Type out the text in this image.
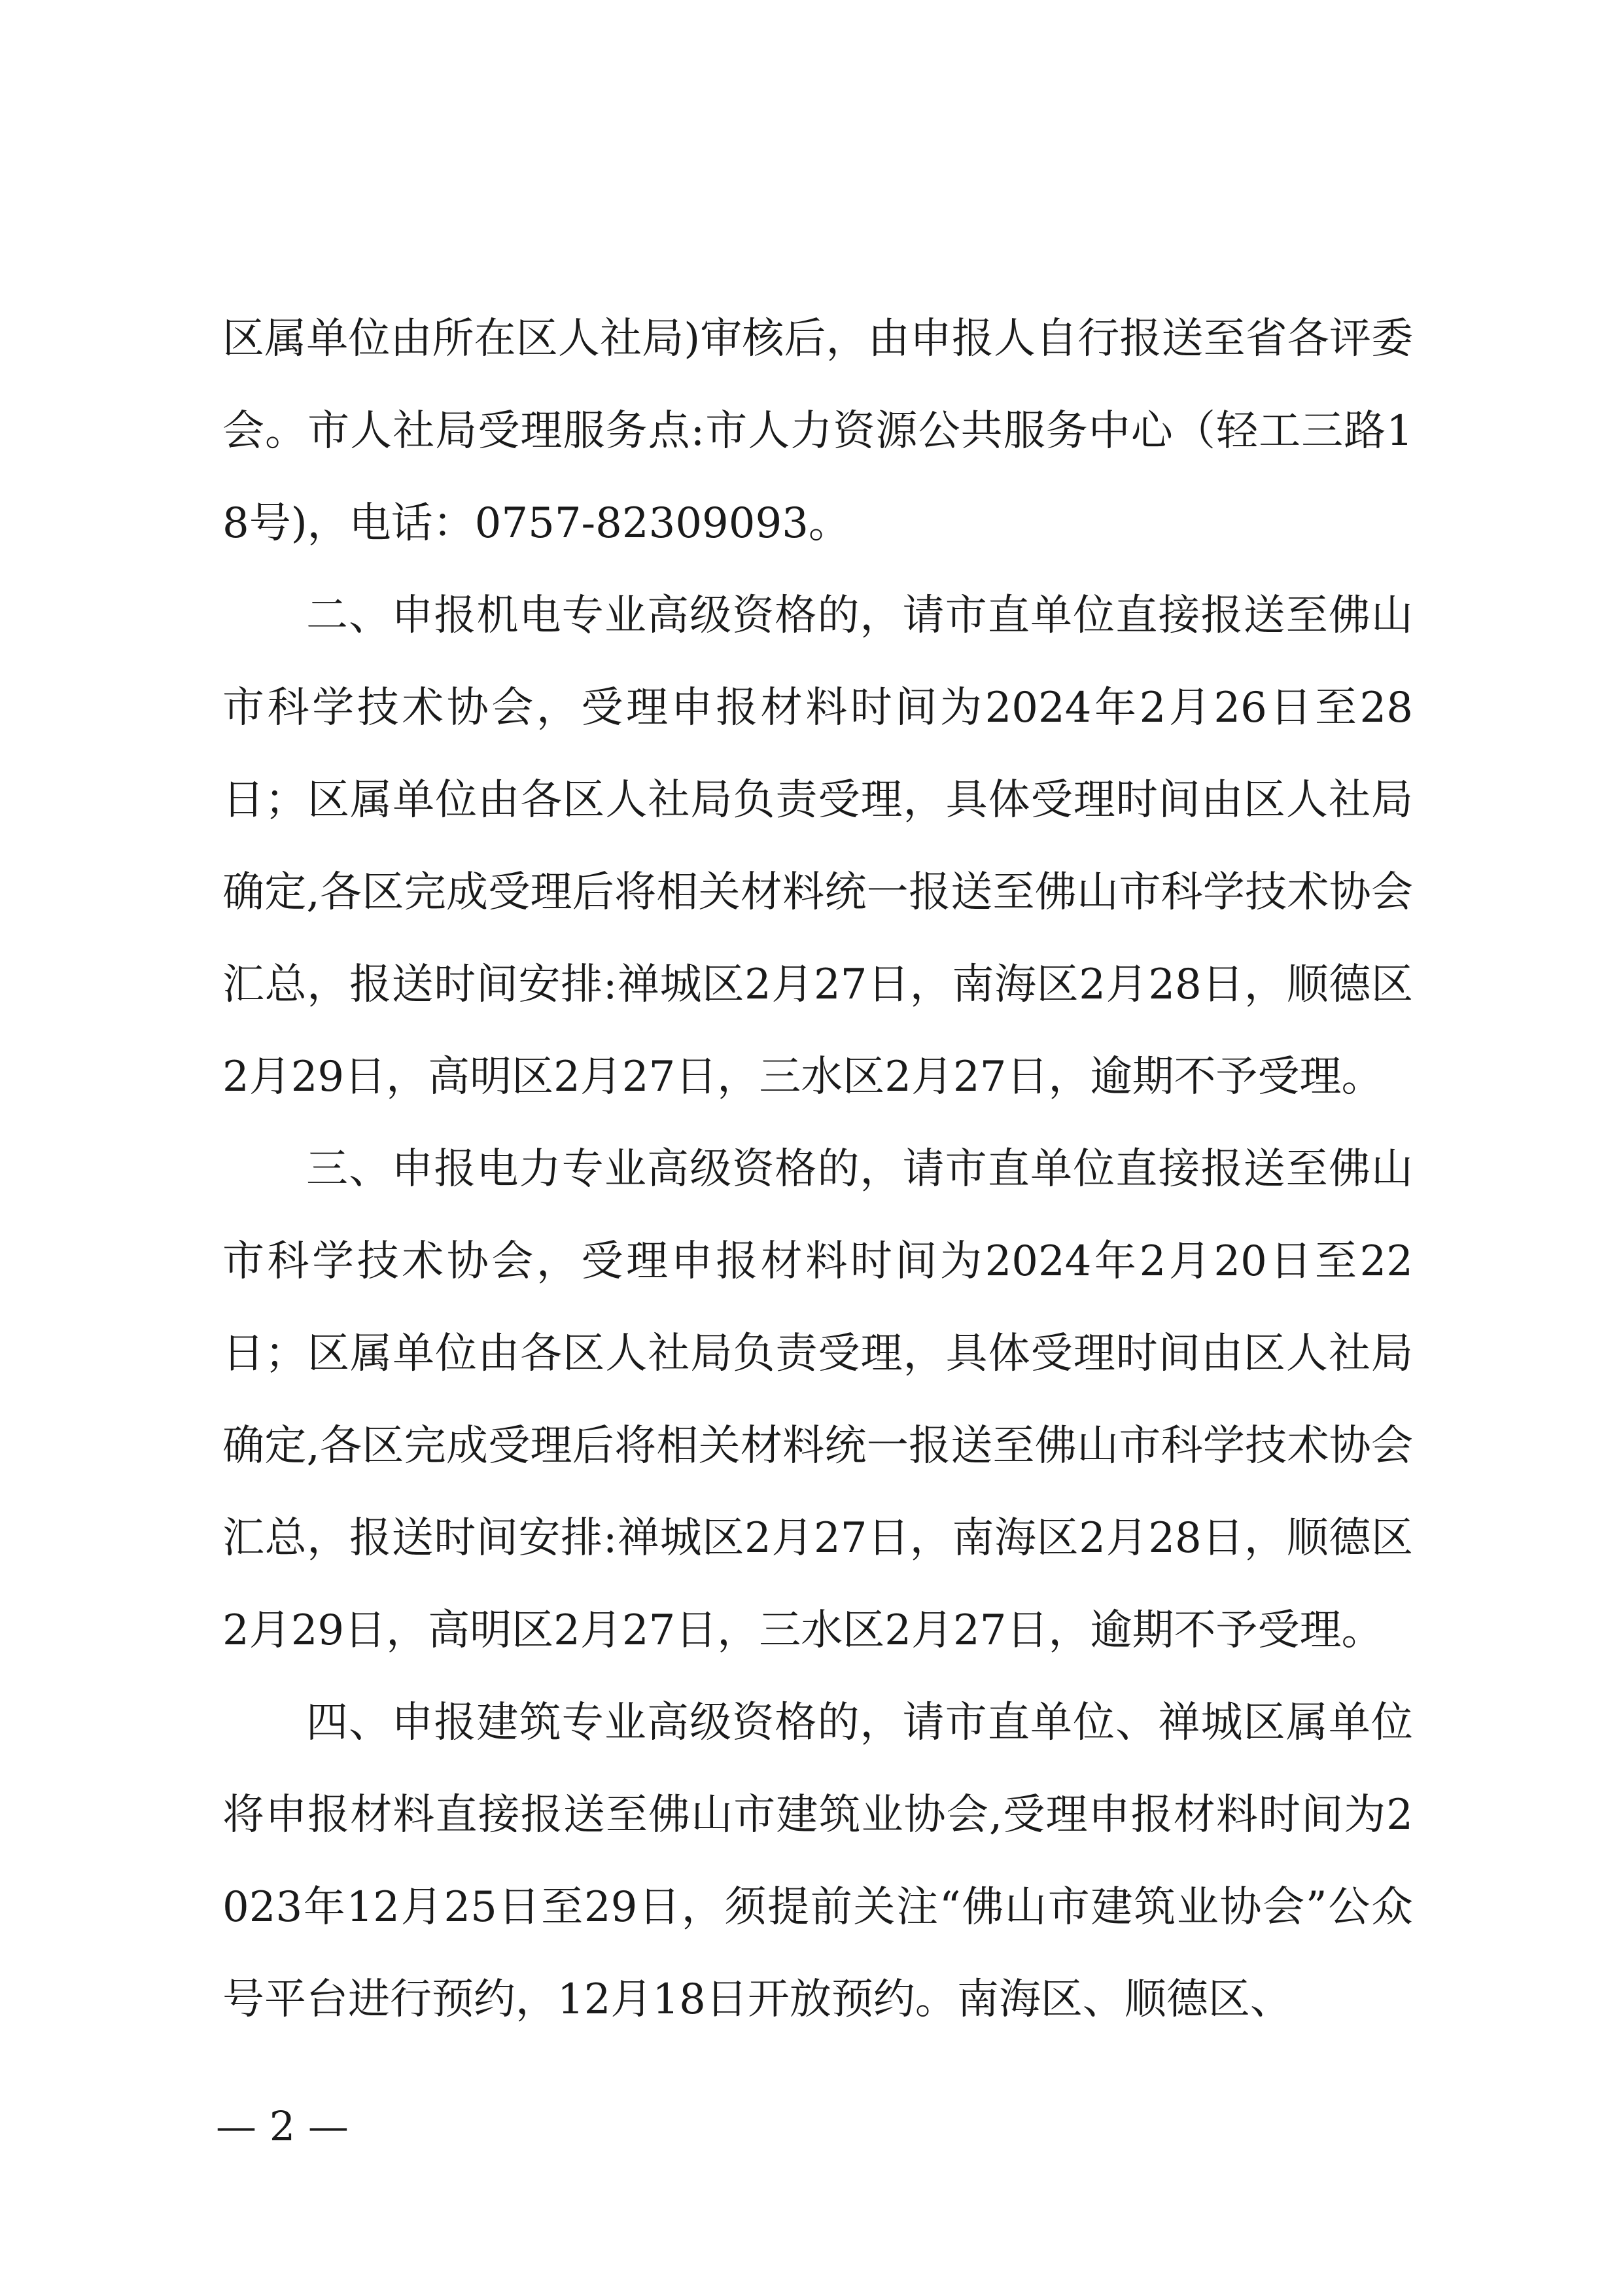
区属单位由所在区人社局)审核后，由申报人自行报送至省各评委会。市人社局受理服务点:市人力资源公共服务中心（轻工三路18号)，电话：0757-82309093。

二、申报机电专业高级资格的，请市直单位直接报送至佛山市科学技术协会，受理申报材料时间为2024年2月26日至28日；区属单位由各区人社局负责受理，具体受理时间由区人社局确定,各区完成受理后将相关材料统一报送至佛山市科学技术协会汇总，报送时间安排:禅城区2月27日，南海区2月28日，顺德区2月29日，高明区2月27日，三水区2月27日，逾期不予受理。

三、申报电力专业高级资格的，请市直单位直接报送至佛山市科学技术协会，受理申报材料时间为2024年2月20日至22日；区属单位由各区人社局负责受理，具体受理时间由区人社局确定,各区完成受理后将相关材料统一报送至佛山市科学技术协会汇总，报送时间安排:禅城区2月27日，南海区2月28日，顺德区2月29日，高明区2月27日，三水区2月27日，逾期不予受理。

四、申报建筑专业高级资格的，请市直单位、禅城区属单位将申报材料直接报送至佛山市建筑业协会,受理申报材料时间为2023年12月25日至29日，须提前关注“佛山市建筑业协会”公众号平台进行预约，12月18日开放预约。南海区、顺德区、

— 2 —
